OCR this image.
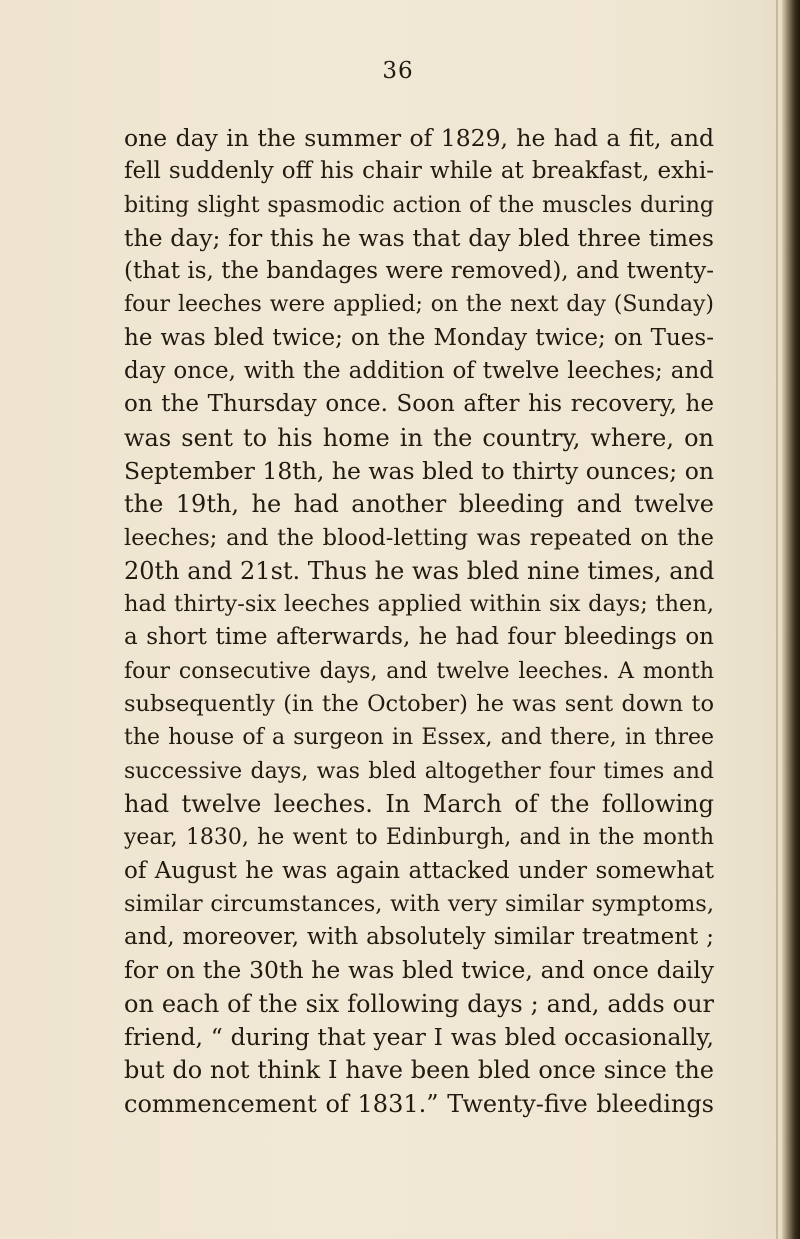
36
one day in the summer of 1829, he had a fit, and
fell suddenly off his chair while at breakfast, exhi-
biting slight spasmodic action of the muscles during
the day; for this he was that day bled three times
(that is, the bandages were removed), and twenty-
four leeches were applied; on the next day (Sunday)
he was bled twice; on the Monday twice; on Tues-
day once, with the addition of twelve leeches; and
on the Thursday once. Soon after his recovery, he
was sent to his home in the country, where, on
September 18th, he was bled to thirty ounces; on
the 19th, he had another bleeding and twelve
leeches; and the blood-letting was repeated on the
20th and 21st. Thus he was bled nine times, and
had thirty-six leeches applied within six days; then,
a short time afterwards, he had four bleedings on
four consecutive days, and twelve leeches. A month
subsequently (in the October) he was sent down to
the house of a surgeon in Essex, and there, in three
successive days, was bled altogether four times and
had twelve leeches. In March of the following
year, 1830, he went to Edinburgh, and in the month
of August he was again attacked under somewhat
similar circumstances, with very similar symptoms,
and, moreover, with absolutely similar treatment ;
for on the 30th he was bled twice, and once daily
on each of the six following days ; and, adds our
friend, “ during that year I was bled occasionally,
but do not think I have been bled once since the
commencement of 1831.” Twenty-five bleedings
